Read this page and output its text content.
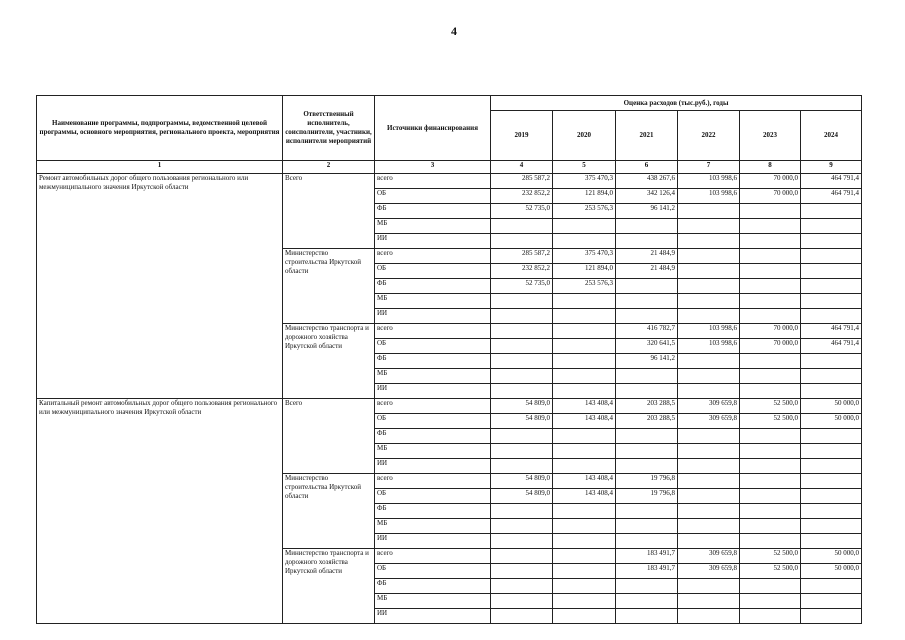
4
Наименование программы, подпрограммы, ведомственной целевой программы, основного мероприятия, регионального проекта, мероприятия	Ответственный исполнитель, соисполнители, участники, исполнители мероприятий	Источники финансирования	Оценка расходов (тыс.руб.), годы					
			2019	2020	2021	2022	2023	2024
1	2	3	4	5	6	7	8	9
Ремонт автомобильных дорог общего пользования регионального или межмуниципального значения Иркутской области	Всего	всего	285 587,2	375 470,3	438 267,6	103 998,6	70 000,0	464 791,4
		ОБ	232 852,2	121 894,0	342 126,4	103 998,6	70 000,0	464 791,4
		ФБ	52 735,0	253 576,3	96 141,2			
		МБ						
		ИИ						
	Министерство строительства Иркутской области	всего	285 587,2	375 470,3	21 484,9			
		ОБ	232 852,2	121 894,0	21 484,9			
		ФБ	52 735,0	253 576,3				
		МБ						
		ИИ						
	Министерство транспорта и дорожного хозяйства Иркутской области	всего			416 782,7	103 998,6	70 000,0	464 791,4
		ОБ			320 641,5	103 998,6	70 000,0	464 791,4
		ФБ			96 141,2			
		МБ						
		ИИ						
Капитальный ремонт автомобильных дорог общего пользования регионального или межмуниципального значения Иркутской области	Всего	всего	54 809,0	143 408,4	203 288,5	309 659,8	52 500,0	50 000,0
		ОБ	54 809,0	143 408,4	203 288,5	309 659,8	52 500,0	50 000,0
		ФБ						
		МБ						
		ИИ						
	Министерство строительства Иркутской области	всего	54 809,0	143 408,4	19 796,8			
		ОБ	54 809,0	143 408,4	19 796,8			
		ФБ						
		МБ						
		ИИ						
	Министерство транспорта и дорожного хозяйства Иркутской области	всего			183 491,7	309 659,8	52 500,0	50 000,0
		ОБ			183 491,7	309 659,8	52 500,0	50 000,0
		ФБ						
		МБ						
		ИИ						
